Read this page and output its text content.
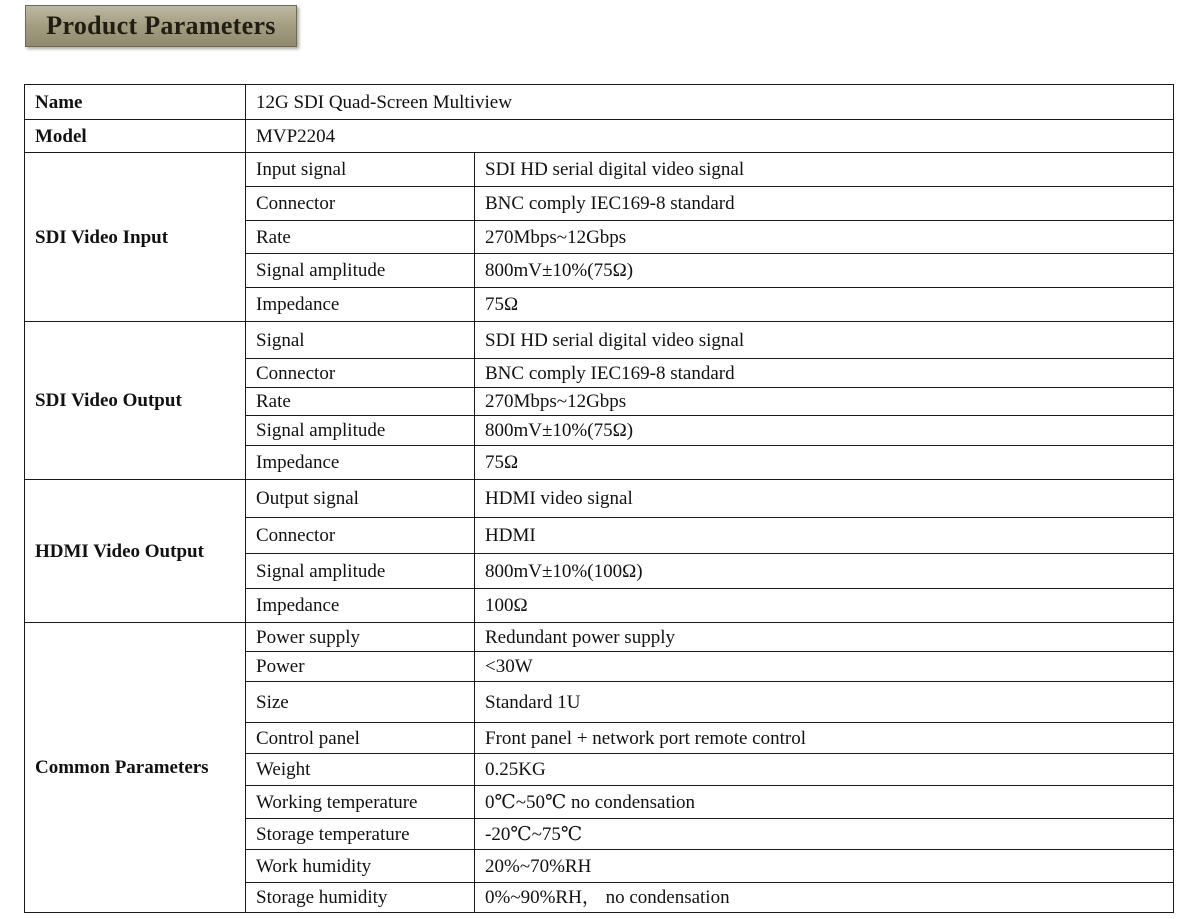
Product Parameters
Name	12G SDI Quad-Screen Multiview	
Model	MVP2204	
SDI Video Input	Input signal	SDI HD serial digital video signal
	Connector	BNC comply IEC169-8 standard
	Rate	270Mbps~12Gbps
	Signal amplitude	800mV±10%(75Ω)
	Impedance	75Ω
SDI Video Output	Signal	SDI HD serial digital video signal
	Connector	BNC comply IEC169-8 standard
	Rate	270Mbps~12Gbps
	Signal amplitude	800mV±10%(75Ω)
	Impedance	75Ω
HDMI Video Output	Output signal	HDMI video signal
	Connector	HDMI
	Signal amplitude	800mV±10%(100Ω)
	Impedance	100Ω
Common Parameters	Power supply	Redundant power supply
	Power	<30W
	Size	Standard 1U
	Control panel	Front panel + network port remote control
	Weight	0.25KG
	Working temperature	0℃~50℃ no condensation
	Storage temperature	-20℃~75℃
	Work humidity	20%~70%RH
	Storage humidity	0%~90%RH， no condensation
